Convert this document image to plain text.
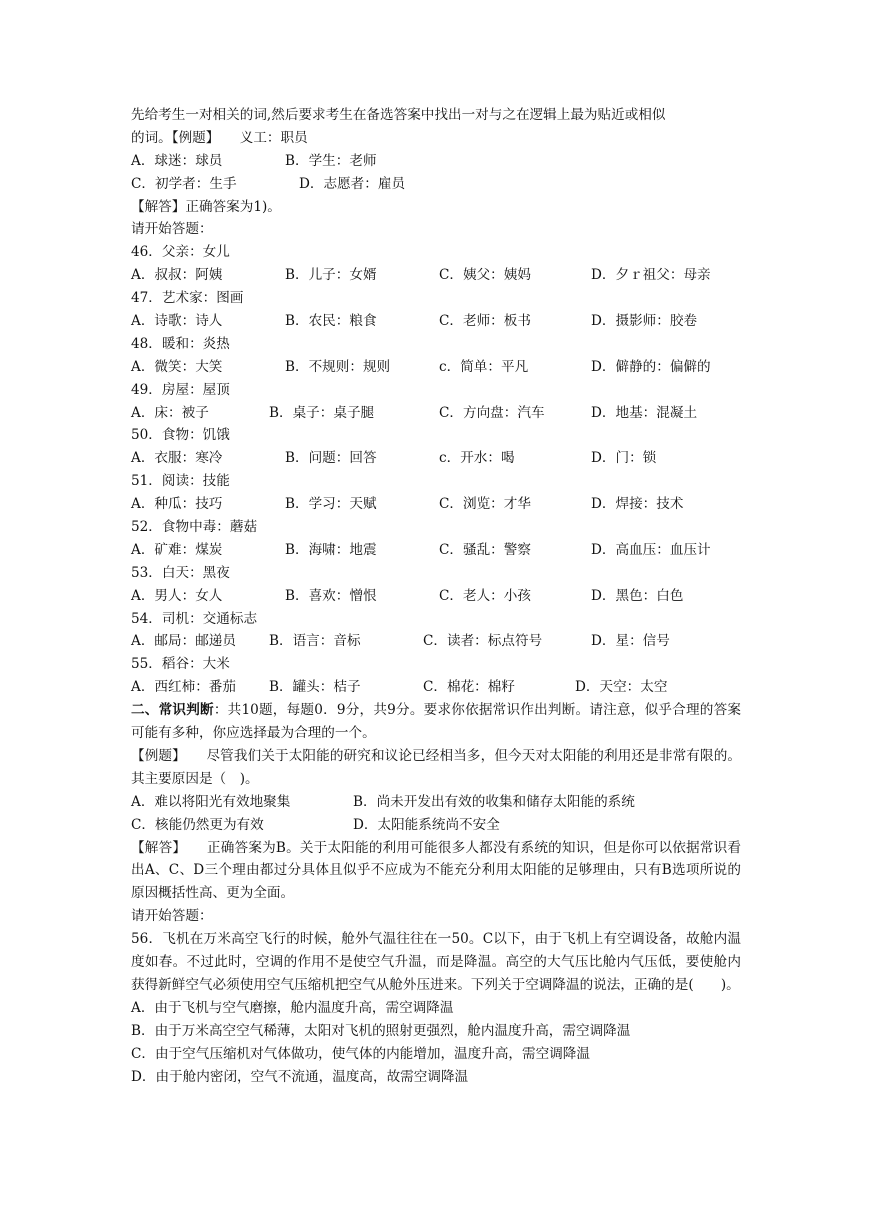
先给考生一对相关的词,然后要求考生在备选答案中找出一对与之在逻辑上最为贴近或相似
的词。【例题】　　义工：职员
A．球迷：球员	B．学生：老师
C．初学者：生手	D．志愿者：雇员
【解答】正确答案为1)。
请开始答题：
46．父亲：女儿
A．叔叔：阿姨	B．儿子：女婿	C．姨父：姨妈	D．夕ｒ祖父：母亲
47．艺术家：图画
A．诗歌：诗人	B．农民：粮食	C．老师：板书	D．摄影师：胶卷
48．暖和：炎热
A．微笑：大笑	B．不规则：规则	c．简单：平凡	D．僻静的：偏僻的
49．房屋：屋顶
A．床：被子	B．桌子：桌子腿	C．方向盘：汽车	D．地基：混凝土
50．食物：饥饿
A．衣服：寒冷	B．问题：回答	c．开水：喝	D．门：锁
51．阅读：技能
A．种瓜：技巧	B．学习：天赋	C．浏览：才华	D．焊接：技术
52．食物中毒：蘑菇
A．矿难：煤炭	B．海啸：地震	C．骚乱：警察	D．高血压：血压计
53．白天：黑夜
A．男人：女人	B．喜欢：憎恨	C．老人：小孩	D．黑色：白色
54．司机：交通标志
A．邮局：邮递员	B．语言：音标	C．读者：标点符号	D．星：信号
55．稻谷：大米
A．西红柿：番茄	B．罐头：桔子	C．棉花：棉籽	D．天空：太空
二、常识判断：共10题，每题0．9分，共9分。要求你依据常识作出判断。请注意，似乎合理的答案可能有多种，你应选择最为合理的一个。
【例题】　　尽管我们关于太阳能的研究和议论已经相当多，但今天对太阳能的利用还是非常有限的。其主要原因是（　)。
A．难以将阳光有效地聚集	B．尚未开发出有效的收集和储存太阳能的系统
C．核能仍然更为有效	D．太阳能系统尚不安全
【解答】　　正确答案为B。关于太阳能的利用可能很多人都没有系统的知识，但是你可以依据常识看出A、C、D三个理由都过分具体且似乎不应成为不能充分利用太阳能的足够理由，只有B选项所说的原因概括性高、更为全面。
请开始答题：
56．飞机在万米高空飞行的时候，舱外气温往往在一50。C以下，由于飞机上有空调设备，故舱内温度如春。不过此时，空调的作用不是使空气升温，而是降温。高空的大气压比舱内气压低，要使舱内获得新鲜空气必须使用空气压缩机把空气从舱外压进来。下列关于空调降温的说法，正确的是(　　)。
A．由于飞机与空气磨擦，舱内温度升高，需空调降温
B．由于万米高空空气稀薄，太阳对飞机的照射更强烈，舱内温度升高，需空调降温
C．由于空气压缩机对气体做功，使气体的内能增加，温度升高，需空调降温
D．由于舱内密闭，空气不流通，温度高，故需空调降温
